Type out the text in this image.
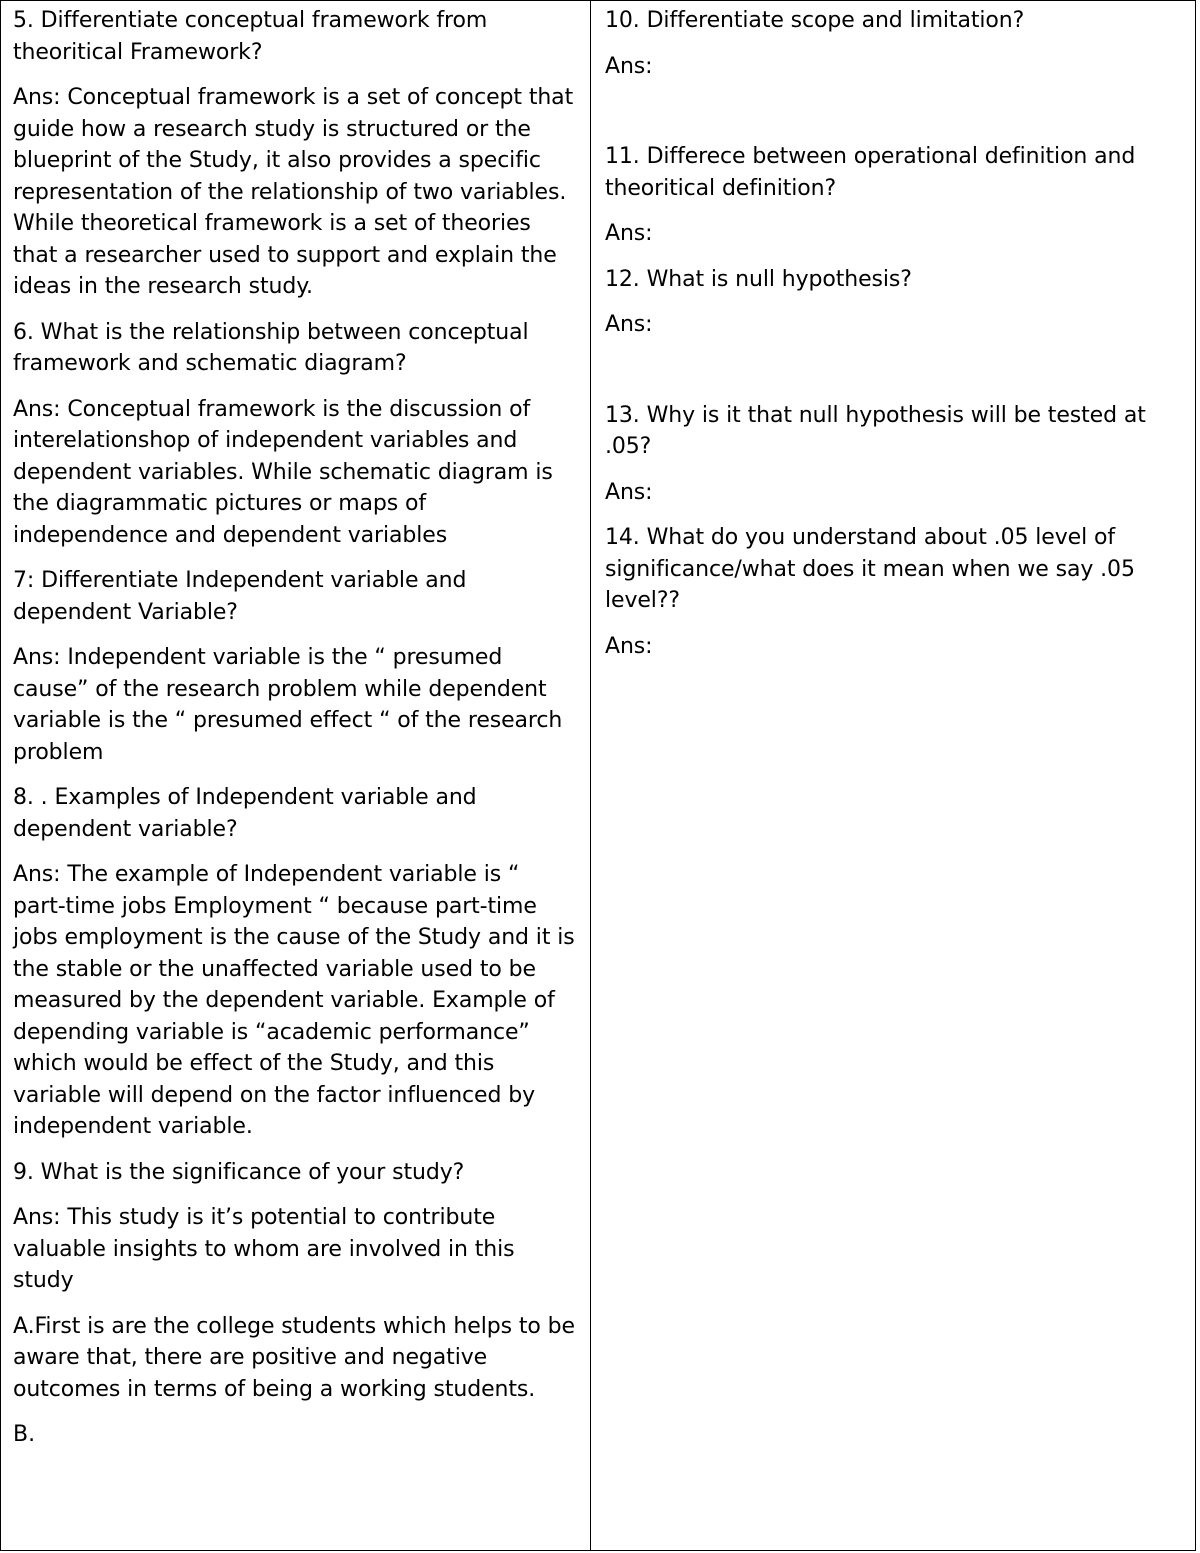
5. Differentiate conceptual framework from theoritical Framework?

Ans: Conceptual framework is a set of concept that guide how a research study is structured or the blueprint of the Study, it also provides a specific representation of the relationship of two variables. While theoretical framework is a set of theories that a researcher used to support and explain the ideas in the research study.

6. What is the relationship between conceptual framework and schematic diagram?

Ans: Conceptual framework is the discussion of interelationshop of independent variables and dependent variables. While schematic diagram is the diagrammatic pictures or maps of independence and dependent variables

7: Differentiate Independent variable and dependent Variable?

Ans: Independent variable is the “ presumed cause” of the research problem while dependent variable is the “ presumed effect “ of the research problem

8. . Examples of Independent variable and dependent variable?

Ans: The example of Independent variable is “ part-time jobs Employment “ because part-time jobs employment is the cause of the Study and it is the stable or the unaffected variable used to be measured by the dependent variable. Example of depending variable is “academic performance” which would be effect of the Study, and this variable will depend on the factor influenced by independent variable.

9. What is the significance of your study?

Ans: This study is it’s potential to contribute valuable insights to whom are involved in this study

A.First is are the college students which helps to be aware that, there are positive and negative outcomes in terms of being a working students.

B.

10. Differentiate scope and limitation?

Ans:

11. Differece between operational definition and theoritical definition?

Ans:

12. What is null hypothesis?

Ans:

13. Why is it that null hypothesis will be tested at .05?

Ans:

14. What do you understand about .05 level of significance/what does it mean when we say .05 level??

Ans:
